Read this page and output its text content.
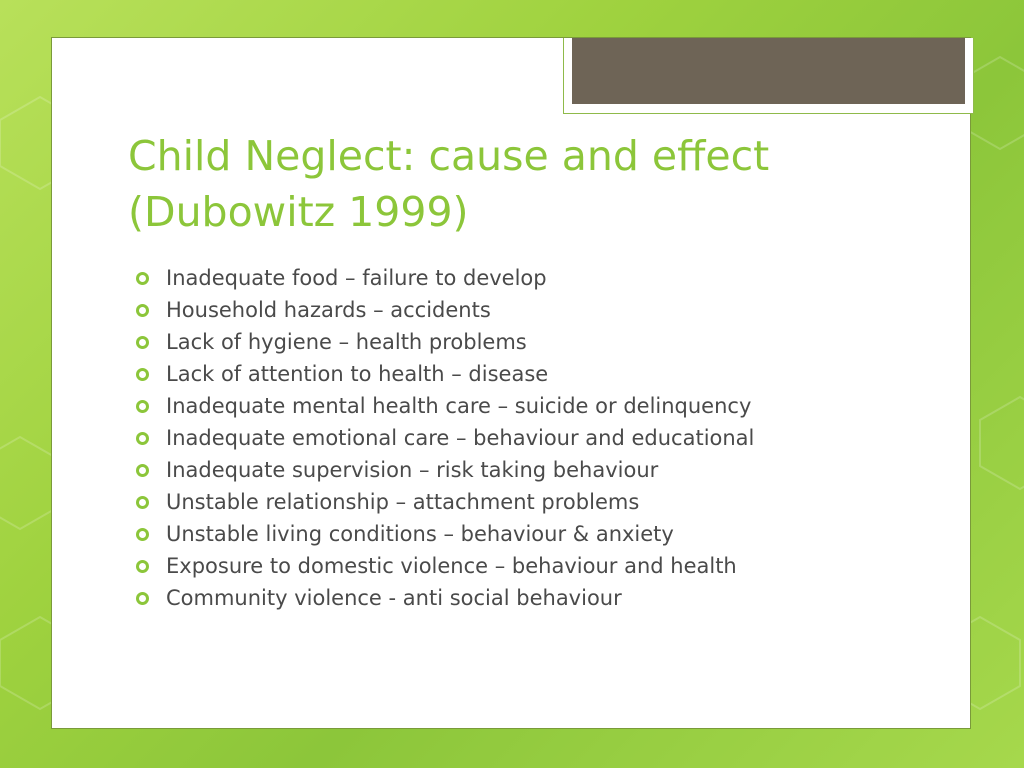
Child Neglect: cause and effect
(Dubowitz 1999)
Inadequate food – failure to develop
Household hazards – accidents
Lack of hygiene – health problems
Lack of attention to health – disease
Inadequate mental health care – suicide or delinquency
Inadequate emotional care – behaviour and educational
Inadequate supervision – risk taking behaviour
Unstable relationship – attachment problems
Unstable living conditions – behaviour & anxiety
Exposure to domestic violence – behaviour and health
Community violence - anti social behaviour
